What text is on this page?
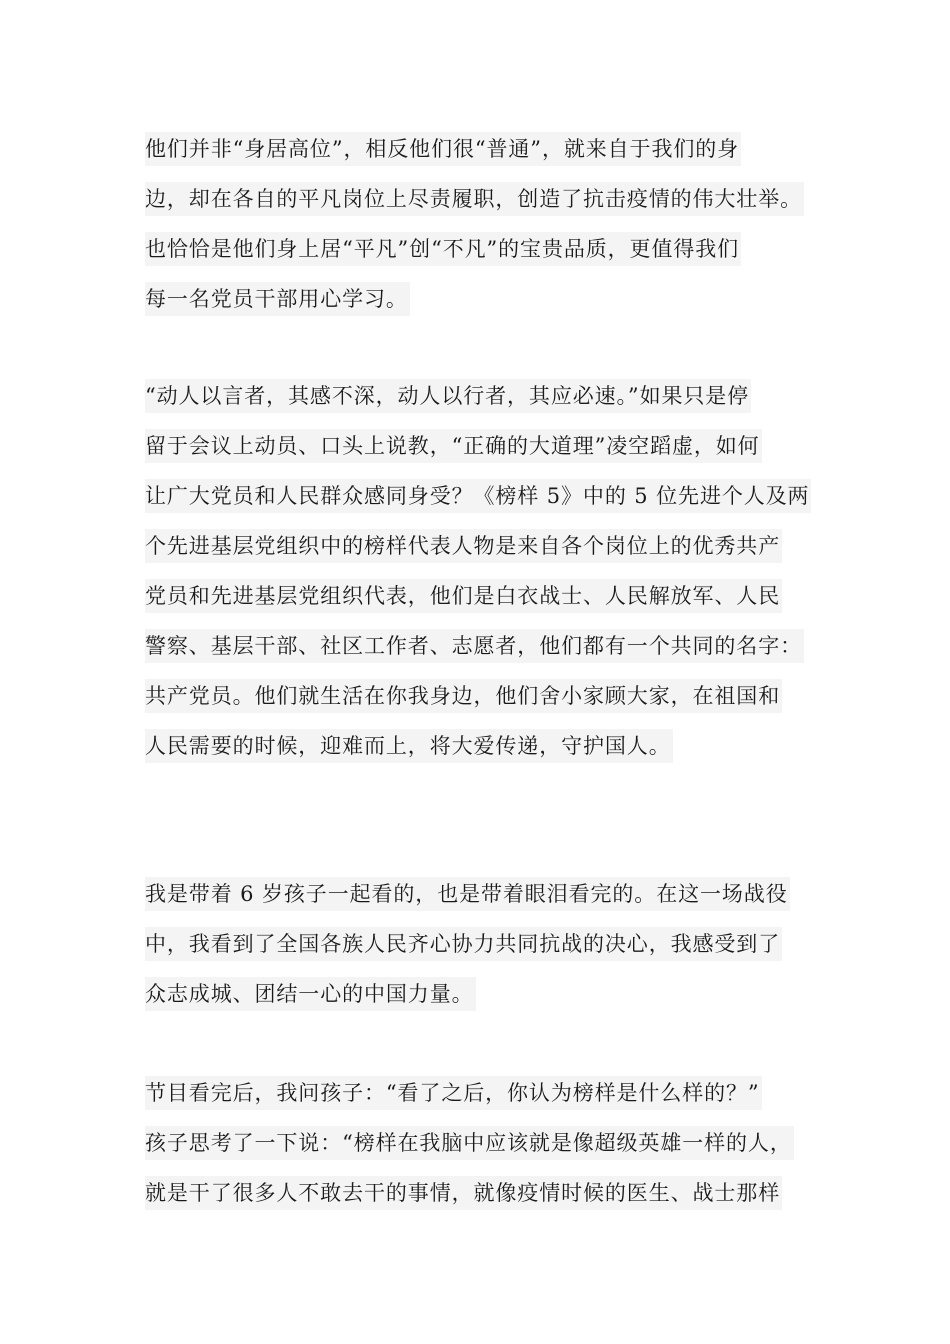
他们并非“身居高位”，相反他们很“普通”，就来自于我们的身
边，却在各自的平凡岗位上尽责履职，创造了抗击疫情的伟大壮举。
也恰恰是他们身上居“平凡”创“不凡”的宝贵品质，更值得我们
每一名党员干部用心学习。
“动人以言者，其感不深，动人以行者，其应必速。”如果只是停
留于会议上动员、口头上说教，“正确的大道理”凌空蹈虚，如何
让广大党员和人民群众感同身受？《榜样 5》中的 5 位先进个人及两
个先进基层党组织中的榜样代表人物是来自各个岗位上的优秀共产
党员和先进基层党组织代表，他们是白衣战士、人民解放军、人民
警察、基层干部、社区工作者、志愿者，他们都有一个共同的名字：
共产党员。他们就生活在你我身边，他们舍小家顾大家，在祖国和
人民需要的时候，迎难而上，将大爱传递，守护国人。
我是带着 6 岁孩子一起看的，也是带着眼泪看完的。在这一场战役
中，我看到了全国各族人民齐心协力共同抗战的决心，我感受到了
众志成城、团结一心的中国力量。
节目看完后，我问孩子：“看了之后，你认为榜样是什么样的？”
孩子思考了一下说：“榜样在我脑中应该就是像超级英雄一样的人，
就是干了很多人不敢去干的事情，就像疫情时候的医生、战士那样
